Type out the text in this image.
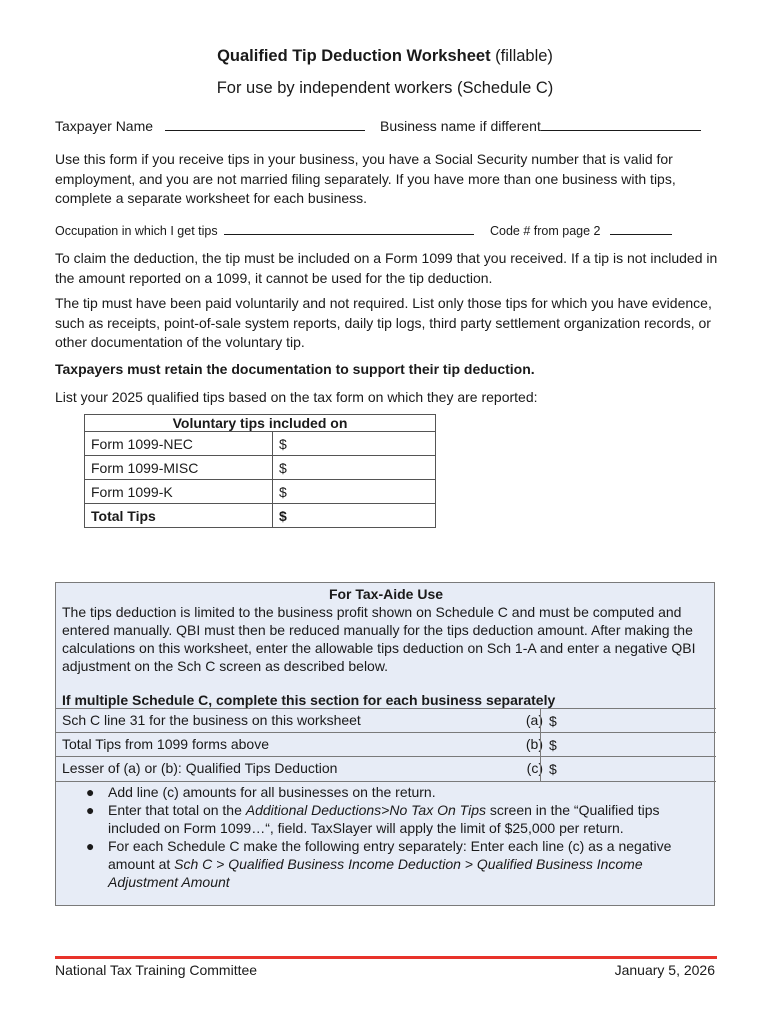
Qualified Tip Deduction Worksheet (fillable)
For use by independent workers (Schedule C)
Taxpayer Name	Business name if different
Use this form if you receive tips in your business, you have a Social Security number that is valid for employment, and you are not married filing separately. If you have more than one business with tips, complete a separate worksheet for each business.
Occupation in which I get tips	Code # from page 2
To claim the deduction, the tip must be included on a Form 1099 that you received. If a tip is not included in the amount reported on a 1099, it cannot be used for the tip deduction.
The tip must have been paid voluntarily and not required. List only those tips for which you have evidence, such as receipts, point-of-sale system reports, daily tip logs, third party settlement organization records, or other documentation of the voluntary tip.
Taxpayers must retain the documentation to support their tip deduction.
List your 2025 qualified tips based on the tax form on which they are reported:
Voluntary tips included on	
Form 1099-NEC	$
Form 1099-MISC	$
Form 1099-K	$
Total Tips	$
For Tax-Aide Use
The tips deduction is limited to the business profit shown on Schedule C and must be computed and entered manually. QBI must then be reduced manually for the tips deduction amount. After making the calculations on this worksheet, enter the allowable tips deduction on Sch 1-A and enter a negative QBI adjustment on the Sch C screen as described below.
If multiple Schedule C, complete this section for each business separately
Sch C line 31 for the business on this worksheet	(a) $
Total Tips from 1099 forms above	(b) $
Lesser of (a) or (b): Qualified Tips Deduction	(c) $
● Add line (c) amounts for all businesses on the return.
● Enter that total on the Additional Deductions>No Tax On Tips screen in the “Qualified tips included on Form 1099…“, field. TaxSlayer will apply the limit of $25,000 per return.
● For each Schedule C make the following entry separately: Enter each line (c) as a negative amount at Sch C > Qualified Business Income Deduction > Qualified Business Income Adjustment Amount
National Tax Training Committee	January 5, 2026
